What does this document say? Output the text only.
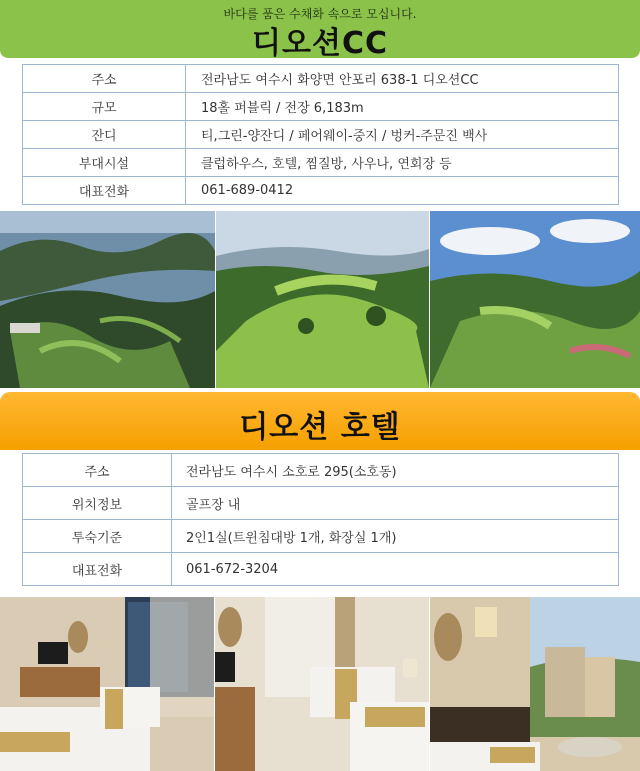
바다를 품은 수채화 속으로 모십니다.
디오션CC
주소	전라남도 여수시 화양면 안포리 638-1 디오션CC
규모	18홀 퍼블릭 / 전장 6,183m
잔디	티,그린-양잔디 / 페어웨이-중지 / 벙커-주문진 백사
부대시설	클럽하우스, 호텔, 찜질방, 사우나, 연회장 등
대표전화	061-689-0412
디오션 호텔
주소	전라남도 여수시 소호로 295(소호동)
위치정보	골프장 내
투숙기준	2인1실(트윈침대방 1개, 화장실 1개)
대표전화	061-672-3204
